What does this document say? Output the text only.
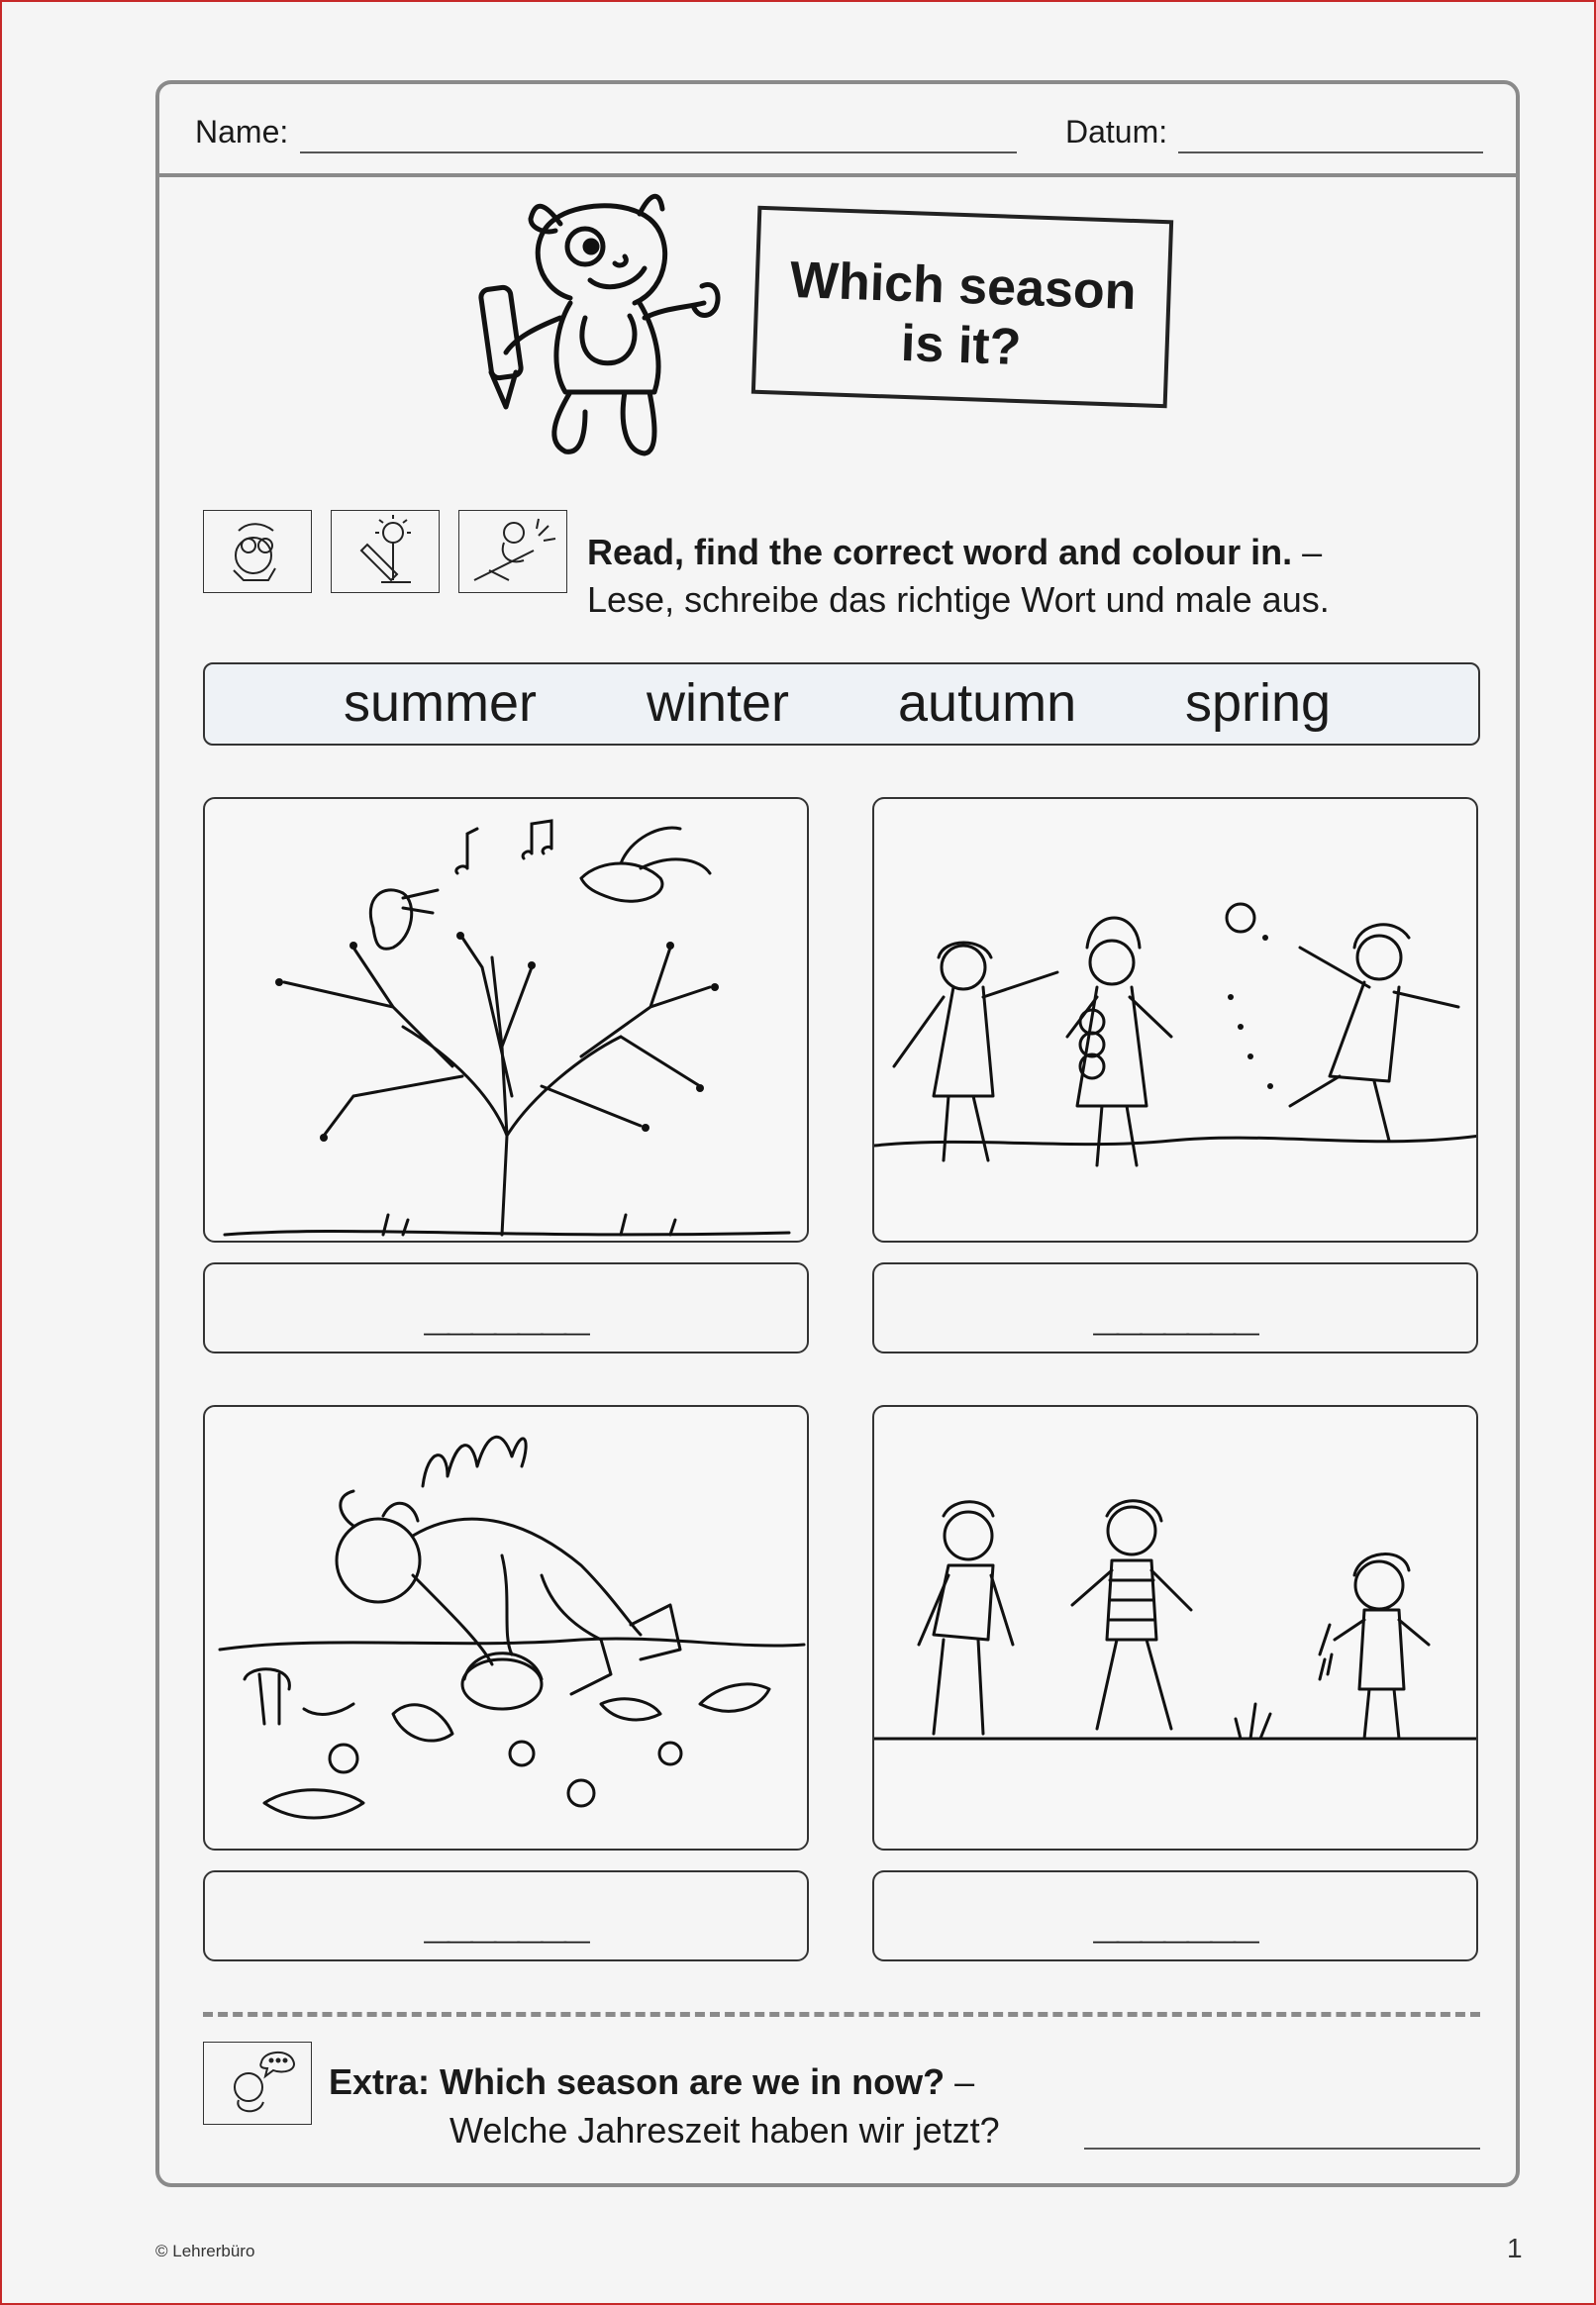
Name:	Datum:
Which season
is it?
Read, find the correct word and colour in. –
Lese, schreibe das richtige Wort und male aus.
summer winter autumn spring
_______	_______
_______	_______
Extra: Which season are we in now? –
Welche Jahreszeit haben wir jetzt?
© Lehrerbüro	1
